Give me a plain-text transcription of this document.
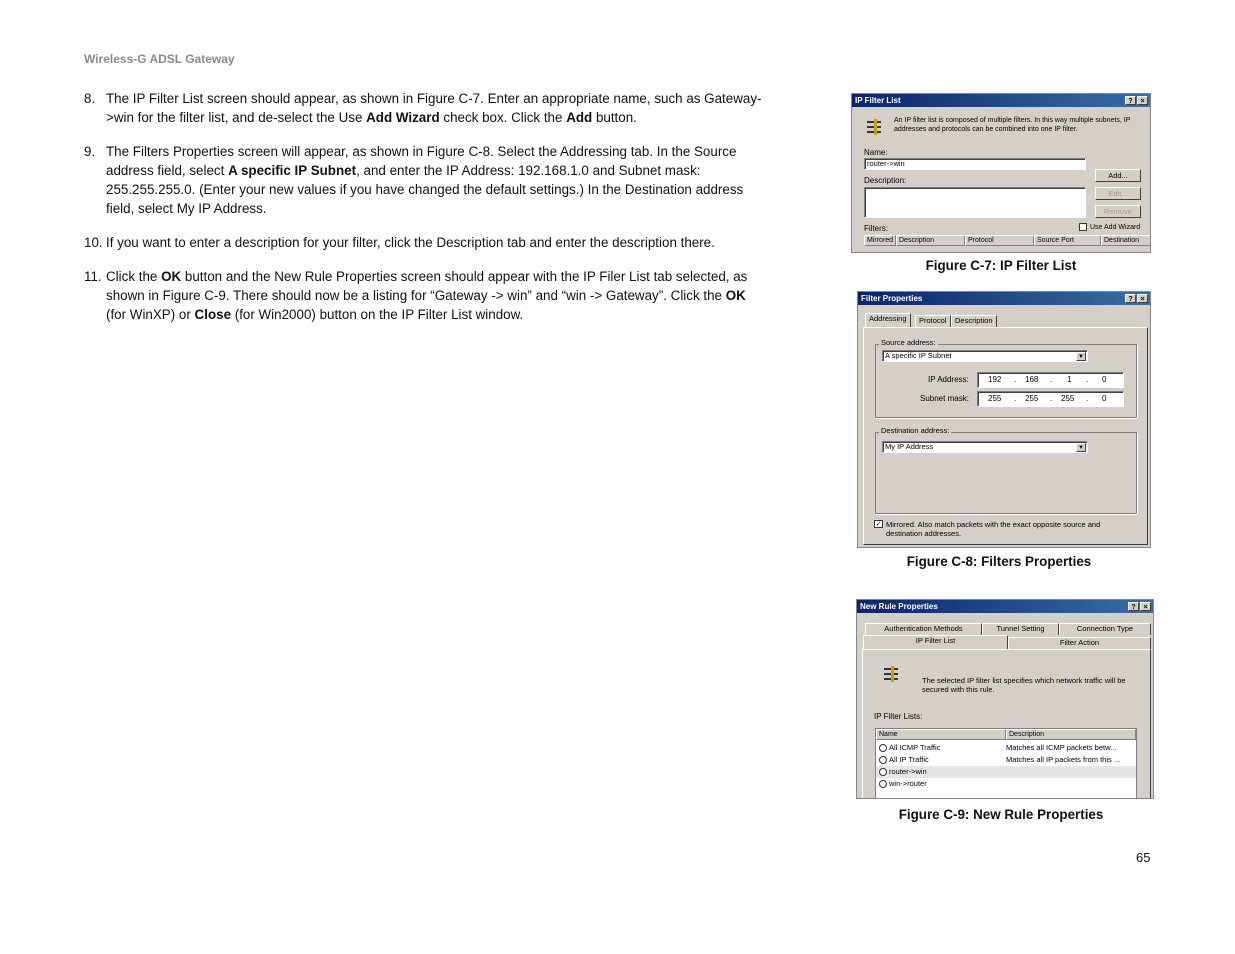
Wireless-G ADSL Gateway
8. The IP Filter List screen should appear, as shown in Figure C-7. Enter an appropriate name, such as Gateway->win for the filter list, and de-select the Use Add Wizard check box. Click the Add button.
9. The Filters Properties screen will appear, as shown in Figure C-8. Select the Addressing tab. In the Source address field, select A specific IP Subnet, and enter the IP Address: 192.168.1.0 and Subnet mask: 255.255.255.0. (Enter your new values if you have changed the default settings.) In the Destination address field, select My IP Address.
10. If you want to enter a description for your filter, click the Description tab and enter the description there.
11. Click the OK button and the New Rule Properties screen should appear with the IP Filer List tab selected, as shown in Figure C-9. There should now be a listing for “Gateway -> win” and “win -> Gateway”. Click the OK (for WinXP) or Close (for Win2000) button on the IP Filter List window.
IP Filter List	?	×
An IP filter list is composed of multiple filters. In this way multiple subnets, IP addresses and protocols can be combined into one IP filter.
Name:
router->win
Description:
Add...
Edit...
Remove
Filters:	Use Add Wizard
Mirrored Description	Protocol	Source Port	Destination
Figure C-7: IP Filter List
Filter Properties	?	×
Addressing	Protocol	Description
Source address:
A specific IP Subnet	▼
IP Address: 192 . 168 . 1 . 0
Subnet mask: 255 . 255 . 255 . 0
Destination address:
My IP Address	▼
✓ Mirrored. Also match packets with the exact opposite source and destination addresses.
Figure C-8: Filters Properties
New Rule Properties	?	×
Authentication Methods	Tunnel Setting	Connection Type
IP Filter List	Filter Action
The selected IP filter list specifies which network traffic will be secured with this rule.
IP Filter Lists:
Name	Description
All ICMP Traffic	Matches all ICMP packets betw...
All IP Traffic	Matches all IP packets from this ...
router->win
win->router
Figure C-9: New Rule Properties
65
